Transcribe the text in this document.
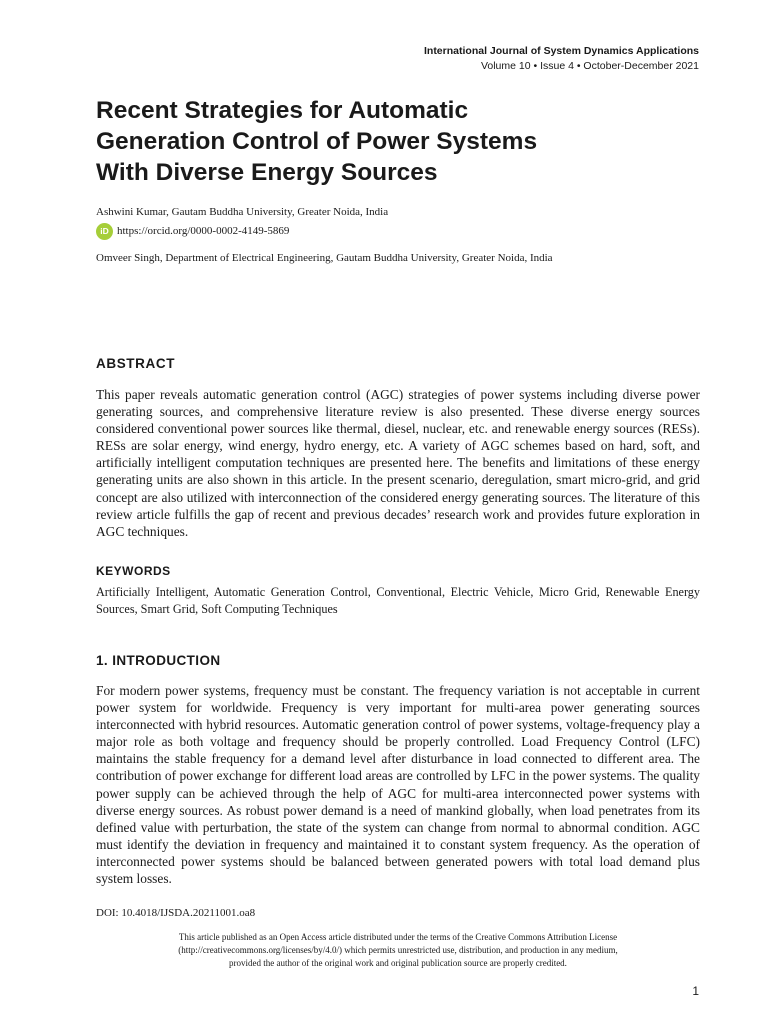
International Journal of System Dynamics Applications
Volume 10 • Issue 4 • October-December 2021
Recent Strategies for Automatic
Generation Control of Power Systems
With Diverse Energy Sources
Ashwini Kumar, Gautam Buddha University, Greater Noida, India
iD https://orcid.org/0000-0002-4149-5869
Omveer Singh, Department of Electrical Engineering, Gautam Buddha University, Greater Noida, India
ABSTRACT

This paper reveals automatic generation control (AGC) strategies of power systems including diverse power generating sources, and comprehensive literature review is also presented. These diverse energy sources considered conventional power sources like thermal, diesel, nuclear, etc. and renewable energy sources (RESs). RESs are solar energy, wind energy, hydro energy, etc. A variety of AGC schemes based on hard, soft, and artificially intelligent computation techniques are presented here. The benefits and limitations of these energy generating units are also shown in this article. In the present scenario, deregulation, smart micro-grid, and grid concept are also utilized with interconnection of the considered energy generating sources. The literature of this review article fulfills the gap of recent and previous decades’ research work and provides future exploration in AGC techniques.

KEYWORDS

Artificially Intelligent, Automatic Generation Control, Conventional, Electric Vehicle, Micro Grid, Renewable Energy Sources, Smart Grid, Soft Computing Techniques

1. INTRODUCTION

For modern power systems, frequency must be constant. The frequency variation is not acceptable in current power system for worldwide. Frequency is very important for multi-area power generating sources interconnected with hybrid resources. Automatic generation control of power systems, voltage-frequency play a major role as both voltage and frequency should be properly controlled. Load Frequency Control (LFC) maintains the stable frequency for a demand level after disturbance in load connected to different area. The contribution of power exchange for different load areas are controlled by LFC in the power systems. The quality power supply can be achieved through the help of AGC for multi-area interconnected power systems with diverse energy sources. As robust power demand is a need of mankind globally, when load penetrates from its defined value with perturbation, the state of the system can change from normal to abnormal condition. AGC must identify the deviation in frequency and maintained it to constant system frequency. As the operation of interconnected power systems should be balanced between generated powers with total load demand plus system losses.

DOI: 10.4018/IJSDA.20211001.oa8
This article published as an Open Access article distributed under the terms of the Creative Commons Attribution License
(http://creativecommons.org/licenses/by/4.0/) which permits unrestricted use, distribution, and production in any medium,
provided the author of the original work and original publication source are properly credited.
1
